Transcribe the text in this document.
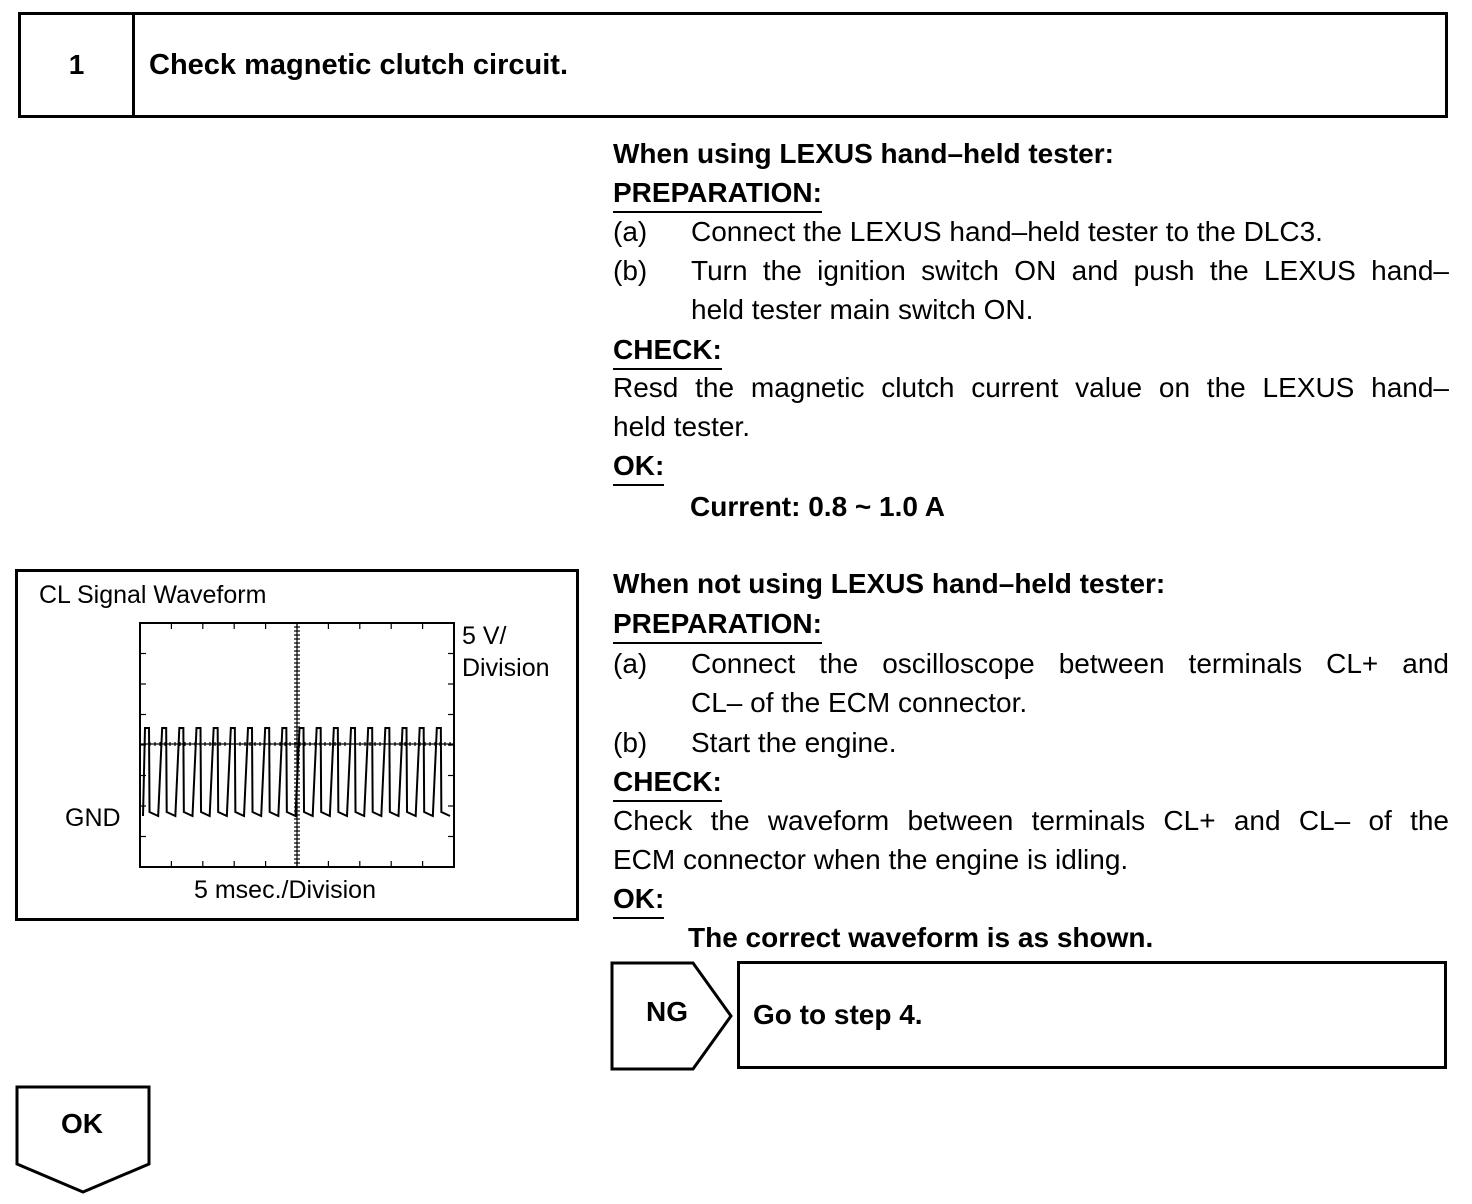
1	Check magnetic clutch circuit.
When using LEXUS hand–held tester:
PREPARATION:
(a) Connect the LEXUS hand–held tester to the DLC3.
(b) Turn the ignition switch ON and push the LEXUS hand–
held tester main switch ON.
CHECK:
Resd the magnetic clutch current value on the LEXUS hand–
held tester.
OK:
Current: 0.8 ~ 1.0 A
When not using LEXUS hand–held tester:
PREPARATION:
(a) Connect the oscilloscope between terminals CL+ and
CL– of the ECM connector.
(b) Start the engine.
CHECK:
Check the waveform between terminals CL+ and CL– of the
ECM connector when the engine is idling.
OK:
The correct waveform is as shown.
CL Signal Waveform
5 V/
Division
GND
5 msec./Division
NG	Go to step 4.
OK
